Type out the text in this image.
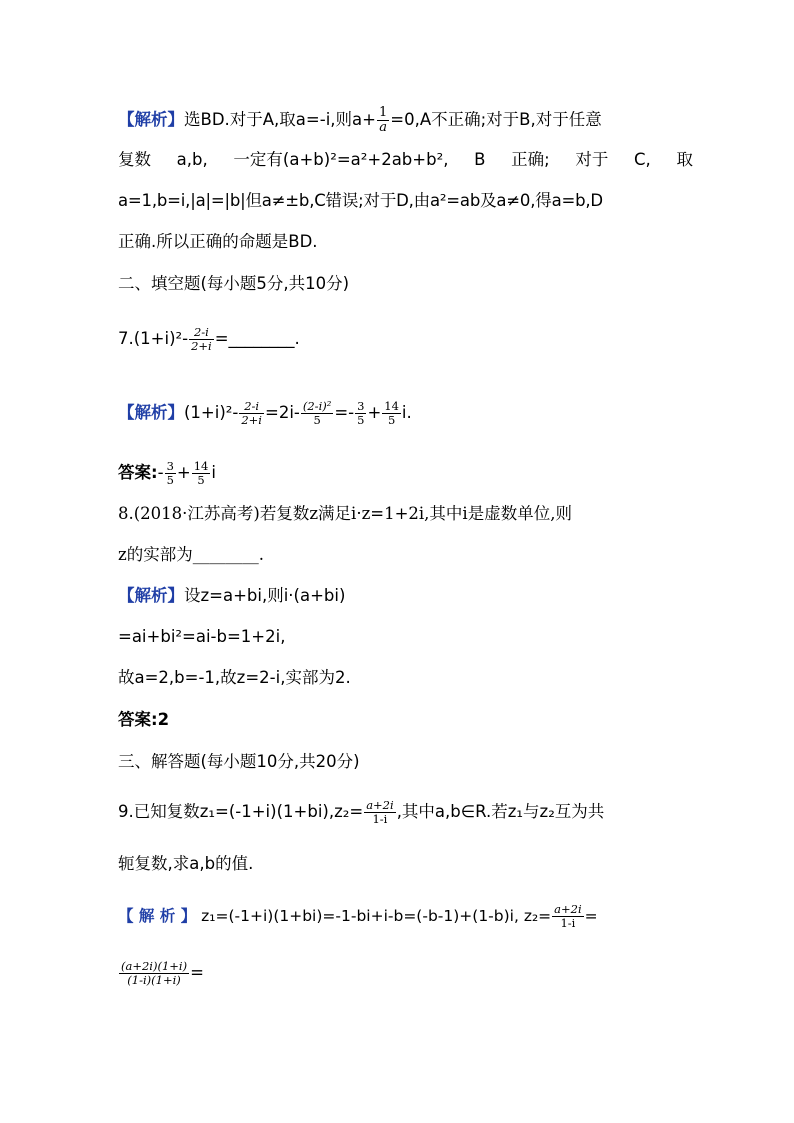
【解析】选BD.对于A,取a=-i,则$a+ \frac{1}{a} =0,A$不正确;对于B,对于任意
复数 a,b, 一定有(a+b)²=a²+2ab+b², B 正确; 对于 C, 取
a=1,b=i,|a|=|b|但a≠±b,C错误;对于D,由a²=ab及a≠0,得a=b,D
正确.所以正确的命题是BD.
二、填空题(每小题5分,共10分)
$7.(1+i)^2- \frac{2-i}{2+i}$ =________.
【解析】$(1+i)^2- \frac{2-i}{2+i} =2i- \frac{\text{(2-i)²}}{5} =- \frac{3}{5} + \frac{14}{5} i$.
答案:- $\frac{3}{5} + \frac{14}{5}$ i
8.(2018·江苏高考)若复数z满足i·z=1+2i,其中i是虚数单位,则
z的实部为________.
【解析】设z=a+bi,则i·(a+bi)
=ai+bi²=ai-b=1+2i,
故a=2,b=-1,故z=2-i,实部为2.
答案:2
三、解答题(每小题10分,共20分)
9.已知复数$z_1=(-1+i)(1+bi),z_2= \frac{a+2i}{1-i}$ ,其中a,b∈R.若z₁与z₂互为共
轭复数,求a,b的值.
【 解 析 】 z₁=(-1+i)(1+bi)=-1-bi+i-b=(-b-1)+(1-b)i, $z_2= \frac{a+2i}{1-i}$ =
$\frac{(a+2i)(1+i)}{(1-i)(1+i)}$ =
